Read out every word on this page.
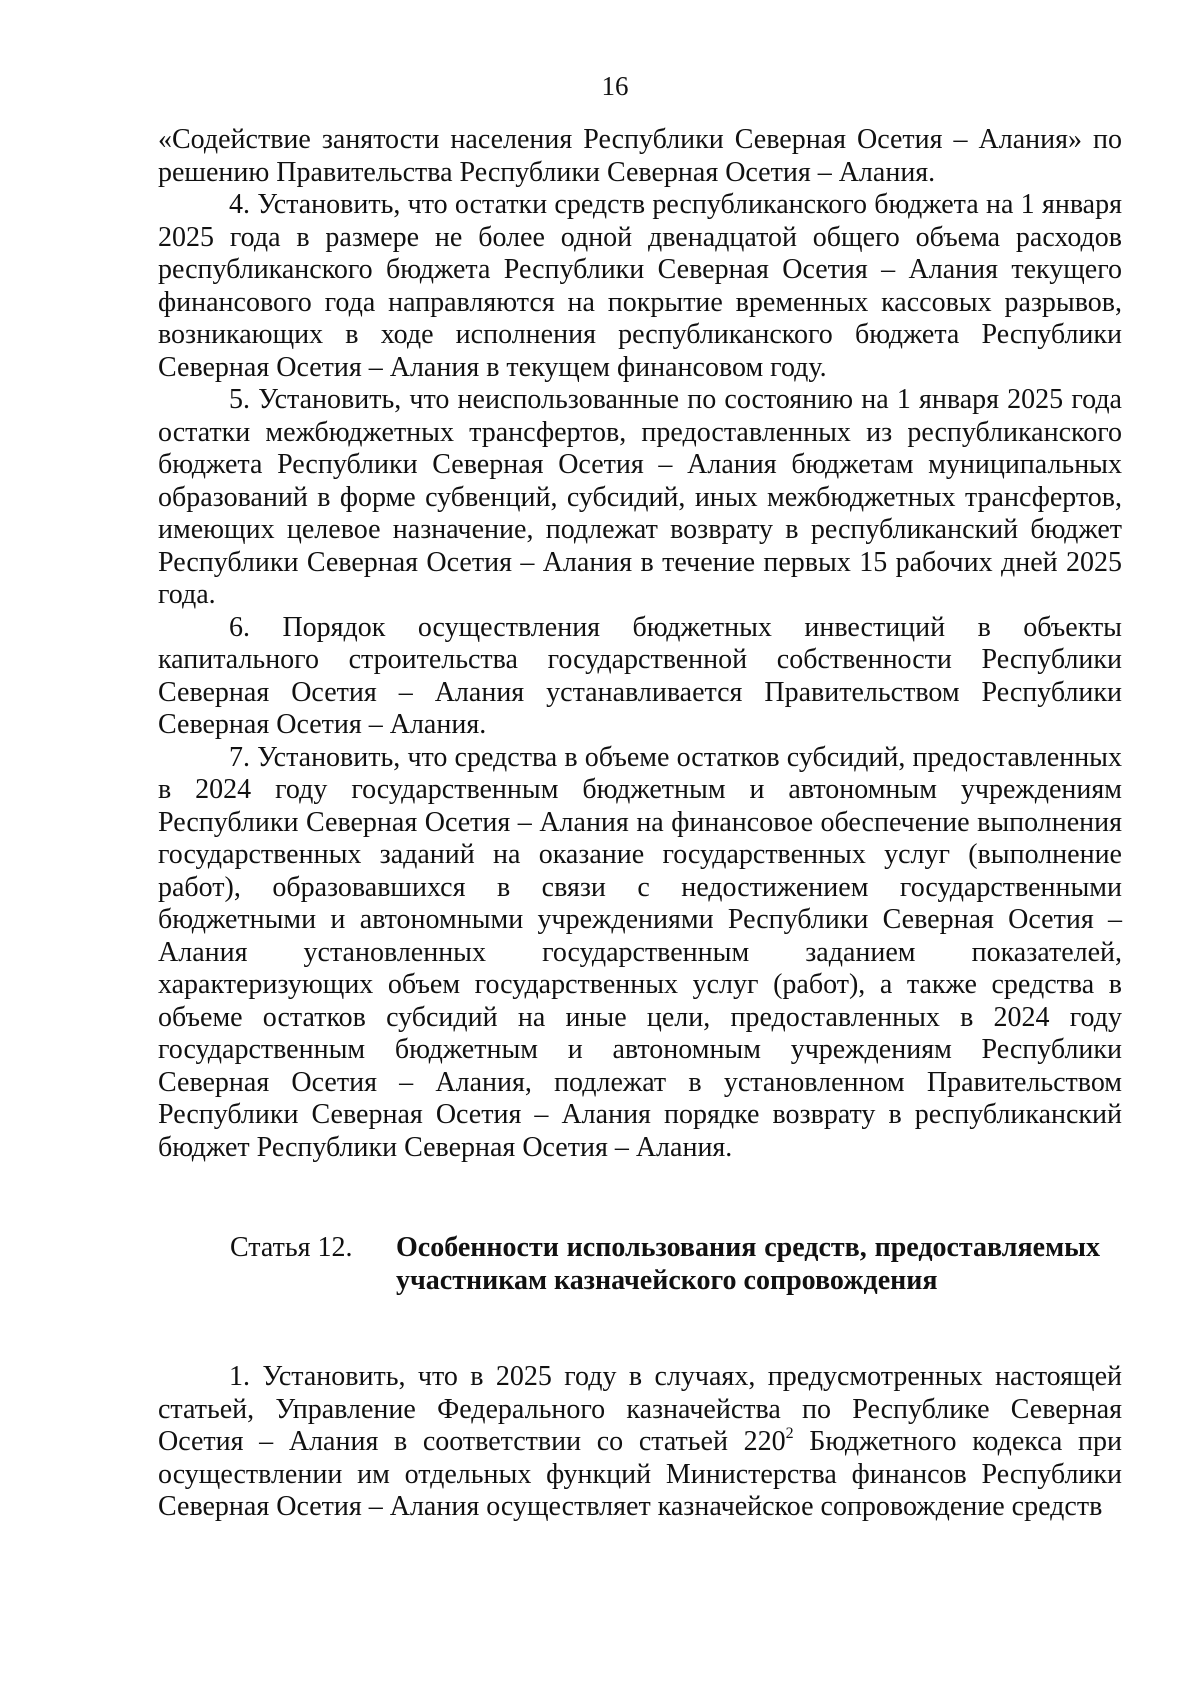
16

«Содействие занятости населения Республики Северная Осетия – Алания» по решению Правительства Республики Северная Осетия – Алания.

4. Установить, что остатки средств республиканского бюджета на 1 января 2025 года в размере не более одной двенадцатой общего объема расходов республиканского бюджета Республики Северная Осетия – Алания текущего финансового года направляются на покрытие временных кассовых разрывов, возникающих в ходе исполнения республиканского бюджета Республики Северная Осетия – Алания в текущем финансовом году.

5. Установить, что неиспользованные по состоянию на 1 января 2025 года остатки межбюджетных трансфертов, предоставленных из республиканского бюджета Республики Северная Осетия – Алания бюджетам муниципальных образований в форме субвенций, субсидий, иных межбюджетных трансфертов, имеющих целевое назначение, подлежат возврату в республиканский бюджет Республики Северная Осетия – Алания в течение первых 15 рабочих дней 2025 года.

6. Порядок осуществления бюджетных инвестиций в объекты капитального строительства государственной собственности Республики Северная Осетия – Алания устанавливается Правительством Республики Северная Осетия – Алания.

7. Установить, что средства в объеме остатков субсидий, предоставленных в 2024 году государственным бюджетным и автономным учреждениям Республики Северная Осетия – Алания на финансовое обеспечение выполнения государственных заданий на оказание государственных услуг (выполнение работ), образовавшихся в связи с недостижением государственными бюджетными и автономными учреждениями Республики Северная Осетия – Алания установленных государственным заданием показателей, характеризующих объем государственных услуг (работ), а также средства в объеме остатков субсидий на иные цели, предоставленных в 2024 году государственным бюджетным и автономным учреждениям Республики Северная Осетия – Алания, подлежат в установленном Правительством Республики Северная Осетия – Алания порядке возврату в республиканский бюджет Республики Северная Осетия – Алания.

Статья 12.	Особенности использования средств, предоставляемых участникам казначейского сопровождения

1. Установить, что в 2025 году в случаях, предусмотренных настоящей статьей, Управление Федерального казначейства по Республике Северная Осетия – Алания в соответствии со статьей $220^2$ Бюджетного кодекса при осуществлении им отдельных функций Министерства финансов Республики Северная Осетия – Алания осуществляет казначейское сопровождение средств
